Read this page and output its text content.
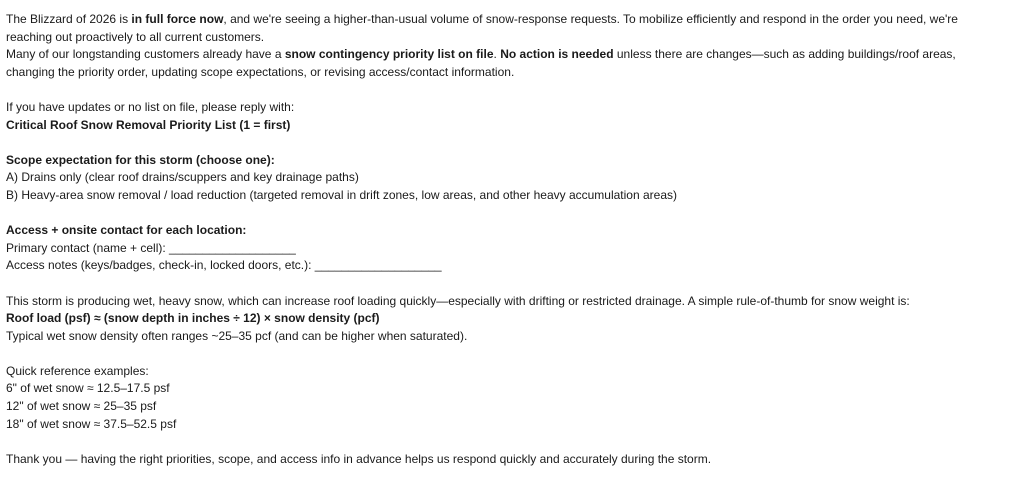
The Blizzard of 2026 is in full force now, and we're seeing a higher-than-usual volume of snow-response requests. To mobilize efficiently and respond in the order you need, we're reaching out proactively to all current customers.

Many of our longstanding customers already have a snow contingency priority list on file. No action is needed unless there are changes—such as adding buildings/roof areas, changing the priority order, updating scope expectations, or revising access/contact information.

If you have updates or no list on file, please reply with:

Critical Roof Snow Removal Priority List (1 = first)

Scope expectation for this storm (choose one):

A) Drains only (clear roof drains/scuppers and key drainage paths)

B) Heavy-area snow removal / load reduction (targeted removal in drift zones, low areas, and other heavy accumulation areas)

Access + onsite contact for each location:

Primary contact (name + cell): ___________________

Access notes (keys/badges, check-in, locked doors, etc.): ___________________

This storm is producing wet, heavy snow, which can increase roof loading quickly—especially with drifting or restricted drainage. A simple rule-of-thumb for snow weight is:

Roof load (psf) ≈ (snow depth in inches ÷ 12) × snow density (pcf)

Typical wet snow density often ranges ~25–35 pcf (and can be higher when saturated).

Quick reference examples:

6" of wet snow ≈ 12.5–17.5 psf

12" of wet snow ≈ 25–35 psf

18" of wet snow ≈ 37.5–52.5 psf

Thank you — having the right priorities, scope, and access info in advance helps us respond quickly and accurately during the storm.
